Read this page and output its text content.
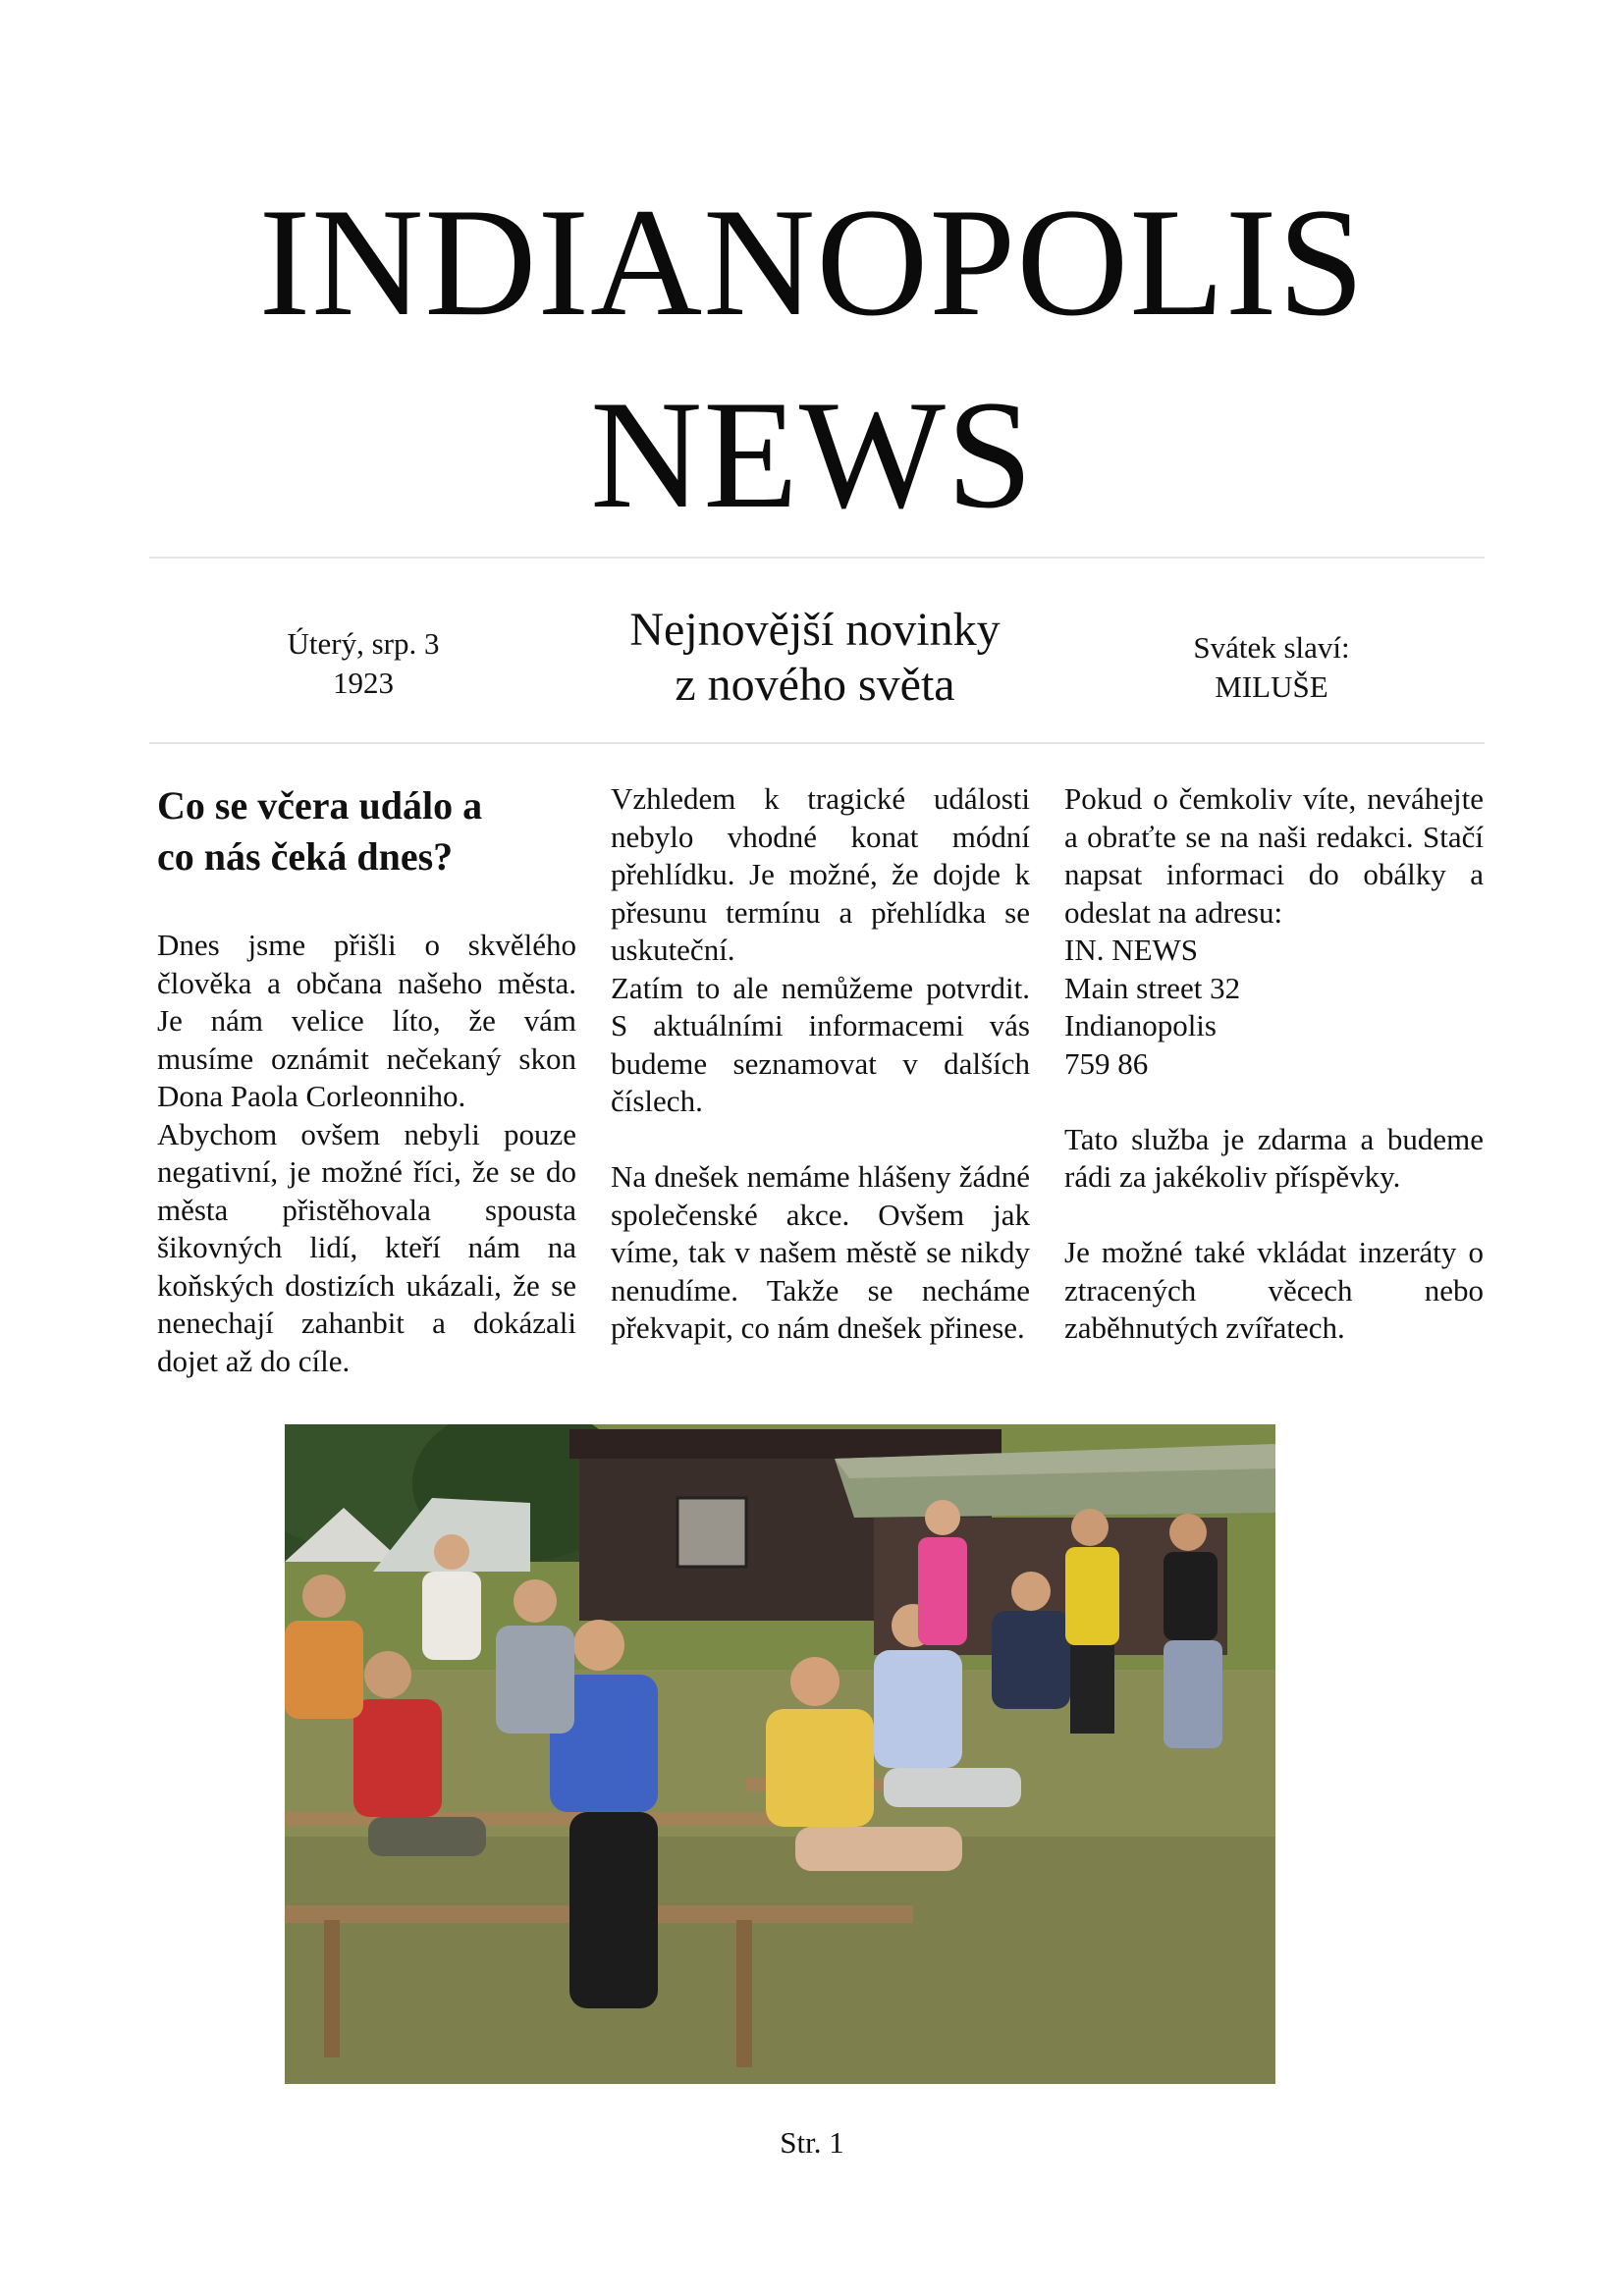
INDIANOPOLIS
NEWS
Úterý, srp. 3
1923
Nejnovější novinky
z nového světa
Svátek slaví:
MILUŠE
Co se včera událo a
co nás čeká dnes?

Dnes jsme přišli o skvělého člověka a občana našeho města. Je nám velice líto, že vám musíme oznámit nečekaný skon Dona Paola Corleonniho.

Abychom ovšem nebyli pouze negativní, je možné říci, že se do města přistěhovala spousta šikovných lidí, kteří nám na koňských dostizích ukázali, že se nenechají zahanbit a dokázali dojet až do cíle.

Vzhledem k tragické události nebylo vhodné konat módní přehlídku. Je možné, že dojde k přesunu termínu a přehlídka se uskuteční.

Zatím to ale nemůžeme potvrdit. S aktuálními informacemi vás budeme seznamovat v dalších číslech.

Na dnešek nemáme hlášeny žádné společenské akce. Ovšem jak víme, tak v našem městě se nikdy nenudíme. Takže se necháme překvapit, co nám dnešek přinese.

Pokud o čemkoliv víte, neváhejte a obraťte se na naši redakci. Stačí napsat informaci do obálky a odeslat na adresu:

IN. NEWS
Main street 32
Indianopolis
759 86

Tato služba je zdarma a budeme rádi za jakékoliv příspěvky.

Je možné také vkládat inzeráty o ztracených věcech nebo zaběhnutých zvířatech.

Str. 1
